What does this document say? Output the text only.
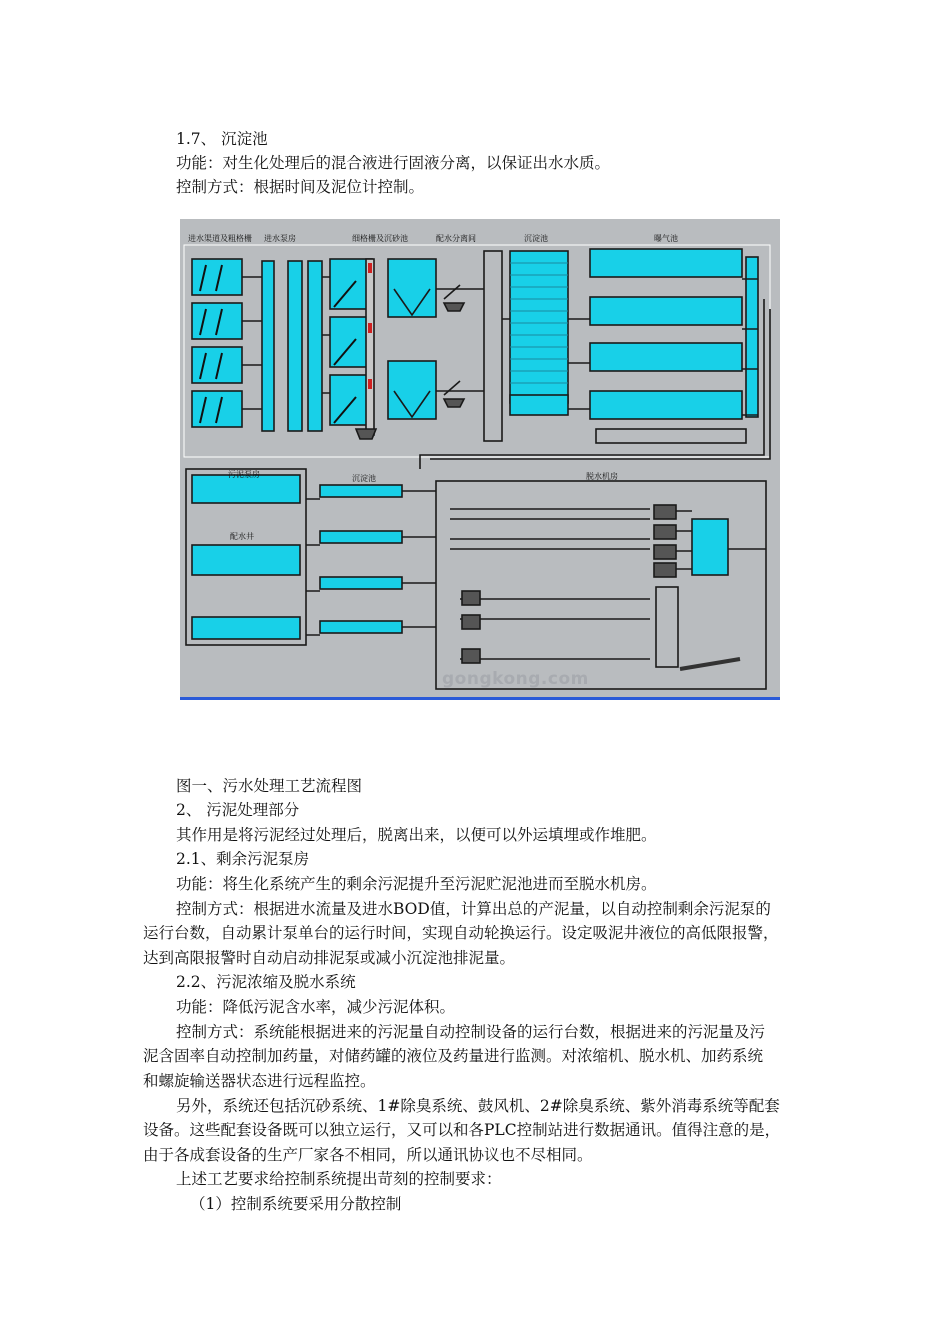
1.7、 沉淀池
功能：对生化处理后的混合液进行固液分离，以保证出水水质。
控制方式：根据时间及泥位计控制。
进水渠道及粗格栅 进水泵房	细格栅及沉砂池	配水分离间	沉淀池	曝气池
污泥泵房	沉淀池	脱水机房
配水井
gongkong.com
图一、污水处理工艺流程图
2、 污泥处理部分
其作用是将污泥经过处理后，脱离出来，以便可以外运填埋或作堆肥。
2.1、剩余污泥泵房
功能：将生化系统产生的剩余污泥提升至污泥贮泥池进而至脱水机房。
控制方式：根据进水流量及进水BOD值，计算出总的产泥量，以自动控制剩余污泥泵的
运行台数，自动累计泵单台的运行时间，实现自动轮换运行。设定吸泥井液位的高低限报警，
达到高限报警时自动启动排泥泵或减小沉淀池排泥量。
2.2、污泥浓缩及脱水系统
功能：降低污泥含水率，减少污泥体积。
控制方式：系统能根据进来的污泥量自动控制设备的运行台数，根据进来的污泥量及污
泥含固率自动控制加药量，对储药罐的液位及药量进行监测。对浓缩机、脱水机、加药系统
和螺旋输送器状态进行远程监控。
另外，系统还包括沉砂系统、1#除臭系统、鼓风机、2#除臭系统、紫外消毒系统等配套
设备。这些配套设备既可以独立运行，又可以和各PLC控制站进行数据通讯。值得注意的是，
由于各成套设备的生产厂家各不相同，所以通讯协议也不尽相同。
上述工艺要求给控制系统提出苛刻的控制要求：
（1）控制系统要采用分散控制
